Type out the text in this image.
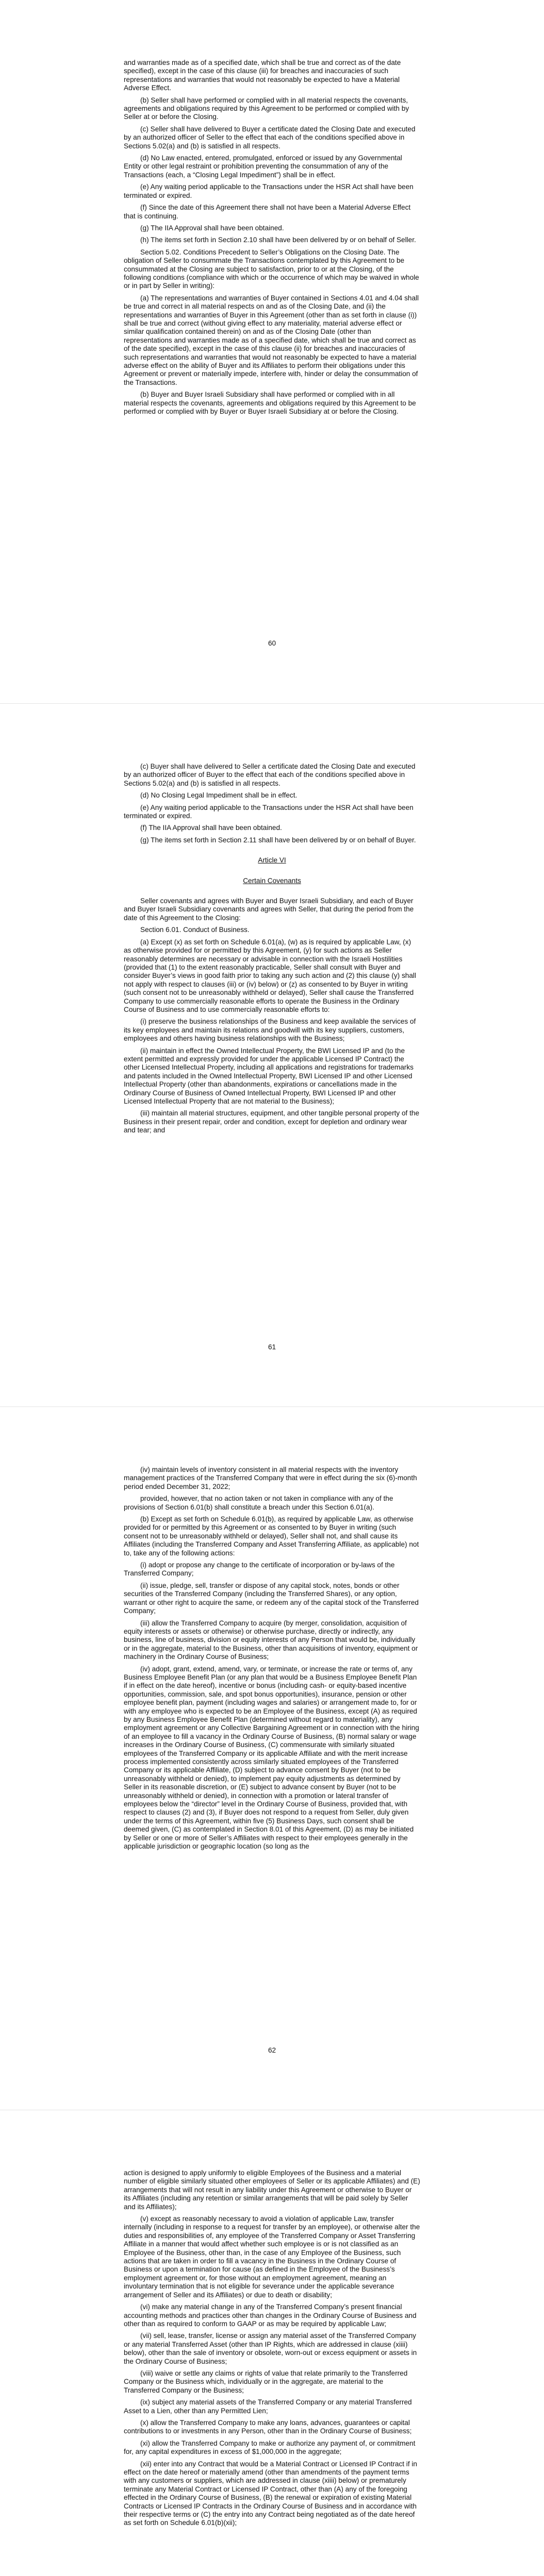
and warranties made as of a specified date, which shall be true and correct as of the date specified), except in the case of this clause (iii) for breaches and inaccuracies of such representations and warranties that would not reasonably be expected to have a Material Adverse Effect.

(b) Seller shall have performed or complied with in all material respects the covenants, agreements and obligations required by this Agreement to be performed or complied with by Seller at or before the Closing.

(c) Seller shall have delivered to Buyer a certificate dated the Closing Date and executed by an authorized officer of Seller to the effect that each of the conditions specified above in Sections 5.02(a) and (b) is satisfied in all respects.

(d) No Law enacted, entered, promulgated, enforced or issued by any Governmental Entity or other legal restraint or prohibition preventing the consummation of any of the Transactions (each, a “Closing Legal Impediment”) shall be in effect.

(e) Any waiting period applicable to the Transactions under the HSR Act shall have been terminated or expired.

(f) Since the date of this Agreement there shall not have been a Material Adverse Effect that is continuing.

(g) The IIA Approval shall have been obtained.

(h) The items set forth in Section 2.10 shall have been delivered by or on behalf of Seller.

Section 5.02. Conditions Precedent to Seller’s Obligations on the Closing Date. The obligation of Seller to consummate the Transactions contemplated by this Agreement to be consummated at the Closing are subject to satisfaction, prior to or at the Closing, of the following conditions (compliance with which or the occurrence of which may be waived in whole or in part by Seller in writing):

(a) The representations and warranties of Buyer contained in Sections 4.01 and 4.04 shall be true and correct in all material respects on and as of the Closing Date, and (ii) the representations and warranties of Buyer in this Agreement (other than as set forth in clause (i)) shall be true and correct (without giving effect to any materiality, material adverse effect or similar qualification contained therein) on and as of the Closing Date (other than representations and warranties made as of a specified date, which shall be true and correct as of the date specified), except in the case of this clause (ii) for breaches and inaccuracies of such representations and warranties that would not reasonably be expected to have a material adverse effect on the ability of Buyer and its Affiliates to perform their obligations under this Agreement or prevent or materially impede, interfere with, hinder or delay the consummation of the Transactions.

(b) Buyer and Buyer Israeli Subsidiary shall have performed or complied with in all material respects the covenants, agreements and obligations required by this Agreement to be performed or complied with by Buyer or Buyer Israeli Subsidiary at or before the Closing.

60

(c) Buyer shall have delivered to Seller a certificate dated the Closing Date and executed by an authorized officer of Buyer to the effect that each of the conditions specified above in Sections 5.02(a) and (b) is satisfied in all respects.

(d) No Closing Legal Impediment shall be in effect.

(e) Any waiting period applicable to the Transactions under the HSR Act shall have been terminated or expired.

(f) The IIA Approval shall have been obtained.

(g) The items set forth in Section 2.11 shall have been delivered by or on behalf of Buyer.

Article VI

Certain Covenants

Seller covenants and agrees with Buyer and Buyer Israeli Subsidiary, and each of Buyer and Buyer Israeli Subsidiary covenants and agrees with Seller, that during the period from the date of this Agreement to the Closing:

Section 6.01. Conduct of Business.

(a) Except (x) as set forth on Schedule 6.01(a), (w) as is required by applicable Law, (x) as otherwise provided for or permitted by this Agreement, (y) for such actions as Seller reasonably determines are necessary or advisable in connection with the Israeli Hostilities (provided that (1) to the extent reasonably practicable, Seller shall consult with Buyer and consider Buyer’s views in good faith prior to taking any such action and (2) this clause (y) shall not apply with respect to clauses (iii) or (iv) below) or (z) as consented to by Buyer in writing (such consent not to be unreasonably withheld or delayed), Seller shall cause the Transferred Company to use commercially reasonable efforts to operate the Business in the Ordinary Course of Business and to use commercially reasonable efforts to:

(i) preserve the business relationships of the Business and keep available the services of its key employees and maintain its relations and goodwill with its key suppliers, customers, employees and others having business relationships with the Business;

(ii) maintain in effect the Owned Intellectual Property, the BWI Licensed IP and (to the extent permitted and expressly provided for under the applicable Licensed IP Contract) the other Licensed Intellectual Property, including all applications and registrations for trademarks and patents included in the Owned Intellectual Property, BWI Licensed IP and other Licensed Intellectual Property (other than abandonments, expirations or cancellations made in the Ordinary Course of Business of Owned Intellectual Property, BWI Licensed IP and other Licensed Intellectual Property that are not material to the Business);

(iii) maintain all material structures, equipment, and other tangible personal property of the Business in their present repair, order and condition, except for depletion and ordinary wear and tear; and

61

(iv) maintain levels of inventory consistent in all material respects with the inventory management practices of the Transferred Company that were in effect during the six (6)-month period ended December 31, 2022;

provided, however, that no action taken or not taken in compliance with any of the provisions of Section 6.01(b) shall constitute a breach under this Section 6.01(a).

(b) Except as set forth on Schedule 6.01(b), as required by applicable Law, as otherwise provided for or permitted by this Agreement or as consented to by Buyer in writing (such consent not to be unreasonably withheld or delayed), Seller shall not, and shall cause its Affiliates (including the Transferred Company and Asset Transferring Affiliate, as applicable) not to, take any of the following actions:

(i) adopt or propose any change to the certificate of incorporation or by-laws of the Transferred Company;

(ii) issue, pledge, sell, transfer or dispose of any capital stock, notes, bonds or other securities of the Transferred Company (including the Transferred Shares), or any option, warrant or other right to acquire the same, or redeem any of the capital stock of the Transferred Company;

(iii) allow the Transferred Company to acquire (by merger, consolidation, acquisition of equity interests or assets or otherwise) or otherwise purchase, directly or indirectly, any business, line of business, division or equity interests of any Person that would be, individually or in the aggregate, material to the Business, other than acquisitions of inventory, equipment or machinery in the Ordinary Course of Business;

(iv) adopt, grant, extend, amend, vary, or terminate, or increase the rate or terms of, any Business Employee Benefit Plan (or any plan that would be a Business Employee Benefit Plan if in effect on the date hereof), incentive or bonus (including cash- or equity-based incentive opportunities, commission, sale, and spot bonus opportunities), insurance, pension or other employee benefit plan, payment (including wages and salaries) or arrangement made to, for or with any employee who is expected to be an Employee of the Business, except (A) as required by any Business Employee Benefit Plan (determined without regard to materiality), any employment agreement or any Collective Bargaining Agreement or in connection with the hiring of an employee to fill a vacancy in the Ordinary Course of Business, (B) normal salary or wage increases in the Ordinary Course of Business, (C) commensurate with similarly situated employees of the Transferred Company or its applicable Affiliate and with the merit increase process implemented consistently across similarly situated employees of the Transferred Company or its applicable Affiliate, (D) subject to advance consent by Buyer (not to be unreasonably withheld or denied), to implement pay equity adjustments as determined by Seller in its reasonable discretion, or (E) subject to advance consent by Buyer (not to be unreasonably withheld or denied), in connection with a promotion or lateral transfer of employees below the “director” level in the Ordinary Course of Business, provided that, with respect to clauses (2) and (3), if Buyer does not respond to a request from Seller, duly given under the terms of this Agreement, within five (5) Business Days, such consent shall be deemed given, (C) as contemplated in Section 8.01 of this Agreement, (D) as may be initiated by Seller or one or more of Seller’s Affiliates with respect to their employees generally in the applicable jurisdiction or geographic location (so long as the

62

action is designed to apply uniformly to eligible Employees of the Business and a material number of eligible similarly situated other employees of Seller or its applicable Affiliates) and (E) arrangements that will not result in any liability under this Agreement or otherwise to Buyer or its Affiliates (including any retention or similar arrangements that will be paid solely by Seller and its Affiliates);

(v) except as reasonably necessary to avoid a violation of applicable Law, transfer internally (including in response to a request for transfer by an employee), or otherwise alter the duties and responsibilities of, any employee of the Transferred Company or Asset Transferring Affiliate in a manner that would affect whether such employee is or is not classified as an Employee of the Business, other than, in the case of any Employee of the Business, such actions that are taken in order to fill a vacancy in the Business in the Ordinary Course of Business or upon a termination for cause (as defined in the Employee of the Business’s employment agreement or, for those without an employment agreement, meaning an involuntary termination that is not eligible for severance under the applicable severance arrangement of Seller and its Affiliates) or due to death or disability;

(vi) make any material change in any of the Transferred Company’s present financial accounting methods and practices other than changes in the Ordinary Course of Business and other than as required to conform to GAAP or as may be required by applicable Law;

(vii) sell, lease, transfer, license or assign any material asset of the Transferred Company or any material Transferred Asset (other than IP Rights, which are addressed in clause (xiiii) below), other than the sale of inventory or obsolete, worn-out or excess equipment or assets in the Ordinary Course of Business;

(viii) waive or settle any claims or rights of value that relate primarily to the Transferred Company or the Business which, individually or in the aggregate, are material to the Transferred Company or the Business;

(ix) subject any material assets of the Transferred Company or any material Transferred Asset to a Lien, other than any Permitted Lien;

(x) allow the Transferred Company to make any loans, advances, guarantees or capital contributions to or investments in any Person, other than in the Ordinary Course of Business;

(xi) allow the Transferred Company to make or authorize any payment of, or commitment for, any capital expenditures in excess of $1,000,000 in the aggregate;

(xii) enter into any Contract that would be a Material Contract or Licensed IP Contract if in effect on the date hereof or materially amend (other than amendments of the payment terms with any customers or suppliers, which are addressed in clause (xiiii) below) or prematurely terminate any Material Contract or Licensed IP Contract, other than (A) any of the foregoing effected in the Ordinary Course of Business, (B) the renewal or expiration of existing Material Contracts or Licensed IP Contracts in the Ordinary Course of Business and in accordance with their respective terms or (C) the entry into any Contract being negotiated as of the date hereof as set forth on Schedule 6.01(b)(xii);
